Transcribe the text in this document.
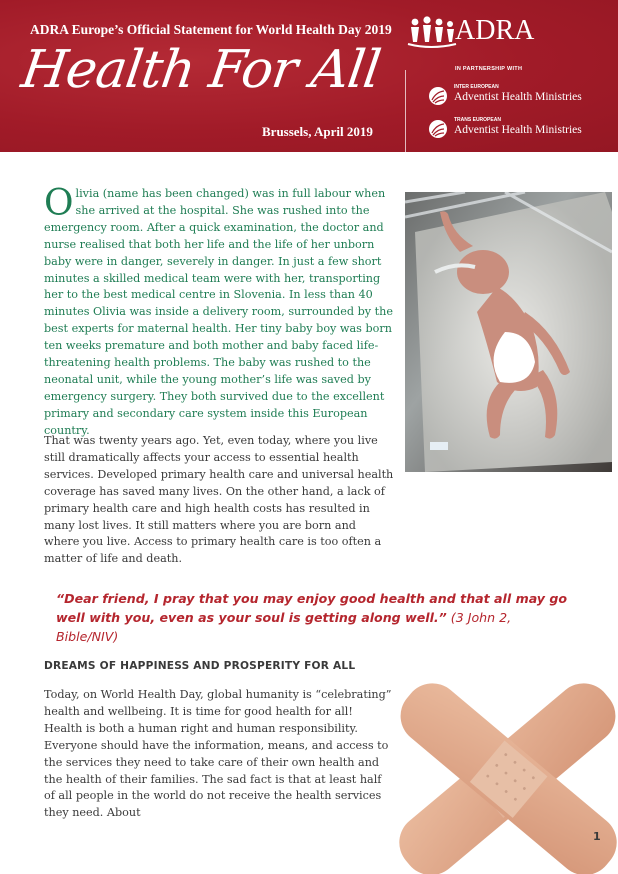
ADRA Europe’s Official Statement for World Health Day 2019
Health For All
Brussels, April 2019
ADRA
IN PARTNERSHIP WITH
INTER EUROPEAN
Adventist Health Ministries
TRANS EUROPEAN
Adventist Health Ministries

Olivia (name has been changed) was in full labour when she arrived at the hospital. She was rushed into the emergency room. After a quick examination, the doctor and nurse realised that both her life and the life of her unborn baby were in danger, severely in danger. In just a few short minutes a skilled medical team were with her, transporting her to the best medical centre in Slovenia. In less than 40 minutes Olivia was inside a delivery room, surrounded by the best experts for maternal health. Her tiny baby boy was born ten weeks premature and both mother and baby faced life-threatening health problems. The baby was rushed to the neonatal unit, while the young mother’s life was saved by emergency surgery. They both survived due to the excellent primary and secondary care system inside this European country.

That was twenty years ago. Yet, even today, where you live still dramatically affects your access to essential health services. Developed primary health care and universal health coverage has saved many lives. On the other hand, a lack of primary health care and high health costs has resulted in many lost lives. It still matters where you are born and where you live. Access to primary health care is too often a matter of life and death.

“Dear friend, I pray that you may enjoy good health and that all may go well with you, even as your soul is getting along well.” (3 John 2, Bible/NIV)

DREAMS OF HAPPINESS AND PROSPERITY FOR ALL

Today, on World Health Day, global humanity is “celebrating” health and wellbeing. It is time for good health for all! Health is both a human right and human responsibility. Everyone should have the information, means, and access to the services they need to take care of their own health and the health of their families. The sad fact is that at least half of all people in the world do not receive the health services they need. About

1
